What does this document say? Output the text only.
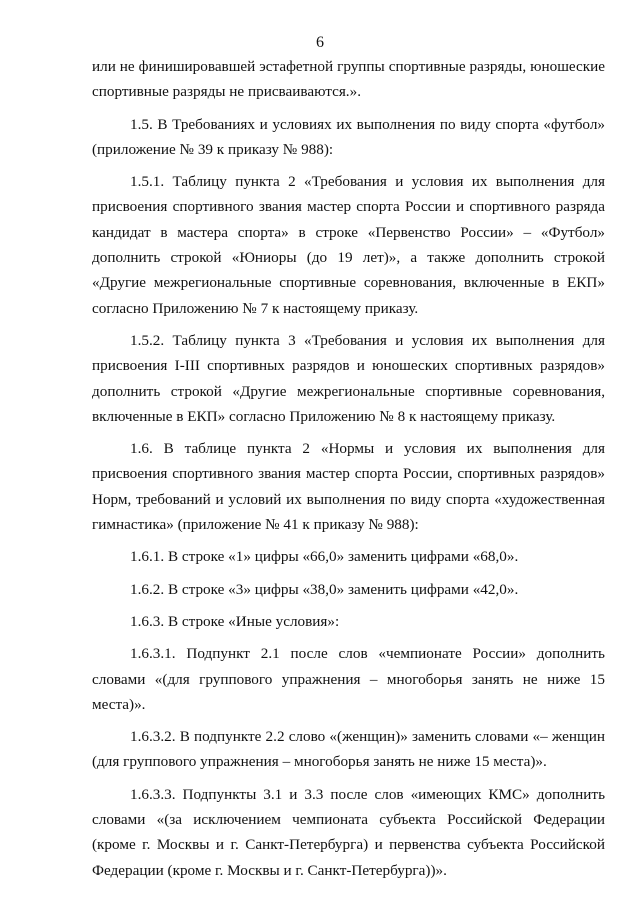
6

или не финишировавшей эстафетной группы спортивные разряды, юношеские спортивные разряды не присваиваются.».

1.5. В Требованиях и условиях их выполнения по виду спорта «футбол» (приложение № 39 к приказу № 988):

1.5.1. Таблицу пункта 2 «Требования и условия их выполнения для присвоения спортивного звания мастер спорта России и спортивного разряда кандидат в мастера спорта» в строке «Первенство России» – «Футбол» дополнить строкой «Юниоры (до 19 лет)», а также дополнить строкой «Другие межрегиональные спортивные соревнования, включенные в ЕКП» согласно Приложению № 7 к настоящему приказу.

1.5.2. Таблицу пункта 3 «Требования и условия их выполнения для присвоения I-III спортивных разрядов и юношеских спортивных разрядов» дополнить строкой «Другие межрегиональные спортивные соревнования, включенные в ЕКП» согласно Приложению № 8 к настоящему приказу.

1.6. В таблице пункта 2 «Нормы и условия их выполнения для присвоения спортивного звания мастер спорта России, спортивных разрядов» Норм, требований и условий их выполнения по виду спорта «художественная гимнастика» (приложение № 41 к приказу № 988):

1.6.1. В строке «1» цифры «66,0» заменить цифрами «68,0».

1.6.2. В строке «3» цифры «38,0» заменить цифрами «42,0».

1.6.3. В строке «Иные условия»:

1.6.3.1. Подпункт 2.1 после слов «чемпионате России» дополнить словами «(для группового упражнения – многоборья занять не ниже 15 места)».

1.6.3.2. В подпункте 2.2 слово «(женщин)» заменить словами «– женщин (для группового упражнения – многоборья занять не ниже 15 места)».

1.6.3.3. Подпункты 3.1 и 3.3 после слов «имеющих КМС» дополнить словами «(за исключением чемпионата субъекта Российской Федерации (кроме г. Москвы и г. Санкт-Петербурга) и первенства субъекта Российской Федерации (кроме г. Москвы и г. Санкт-Петербурга))».
